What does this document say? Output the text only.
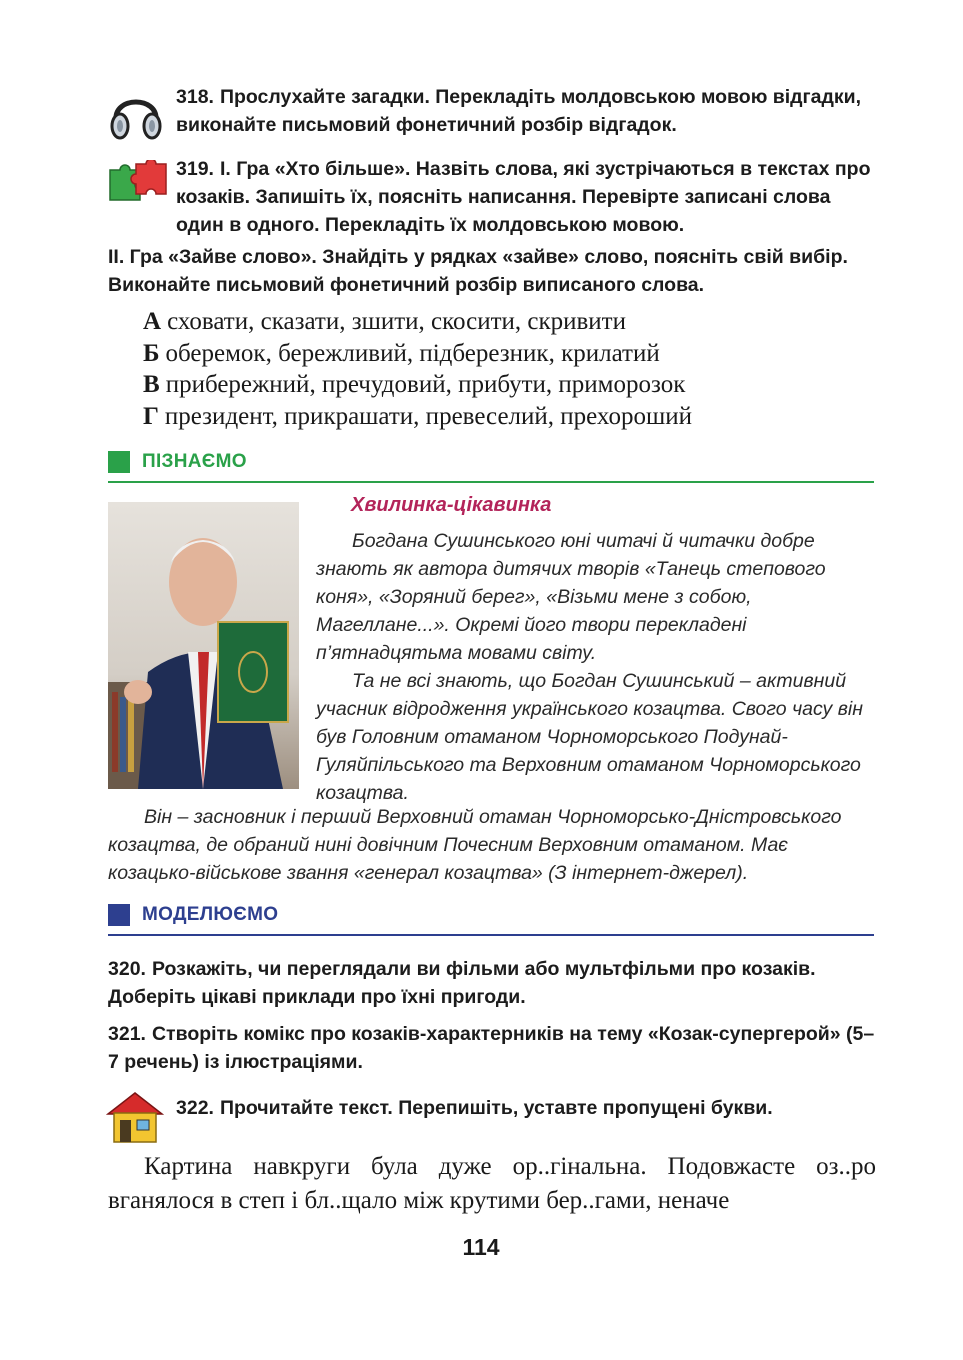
318. Прослухайте загадки. Перекладіть молдовською мовою відгадки, виконайте письмовий фонетичний розбір відгадок.
319. I. Гра «Хто більше». Назвіть слова, які зустрічаються в текстах про козаків. Запишіть їх, поясніть написання. Перевірте записані слова один в одного. Перекладіть їх молдовською мовою.
II. Гра «Зайве слово». Знайдіть у рядках «зайве» слово, поясніть свій вибір. Виконайте письмовий фонетичний розбір виписаного слова.
А сховати, сказати, зшити, скосити, скривити
Б оберемок, бережливий, підберезник, крилатий
В прибережний, пречудовий, прибути, приморозок
Г президент, прикрашати, превеселий, прехороший
ПІЗНАЄМО
Хвилинка-цікавинка

Богдана Сушинського юні читачі й читачки добре знають як автора дитячих творів «Танець степового коня», «Зоряний берег», «Візьми мене з собою, Магеллане...». Окремі його твори перекладені п’ятнадцятьма мовами світу.

Та не всі знають, що Богдан Сушинський – активний учасник відродження українського козацтва. Свого часу він був Головним отаманом Чорноморського Подунай-Гуляйпільського та Верховним отаманом Чорноморського козацтва.

Він – засновник і перший Верховний отаман Чорноморсько-Дністровського козацтва, де обраний нині довічним Почесним Верховним отаманом. Має козацько-військове звання «генерал козацтва» (З інтернет-джерел).

МОДЕЛЮЄМО
320. Розкажіть, чи переглядали ви фільми або мультфільми про козаків. Доберіть цікаві приклади про їхні пригоди.
321. Створіть комікс про козаків-характерників на тему «Козак-супергерой» (5–7 речень) із ілюстраціями.
322. Прочитайте текст. Перепишіть, уставте пропущені букви.

Картина навкруги була дуже ор..гінальна. Подовжасте оз..ро вганялося в степ і бл..щало між крутими бер..гами, неначе

114
